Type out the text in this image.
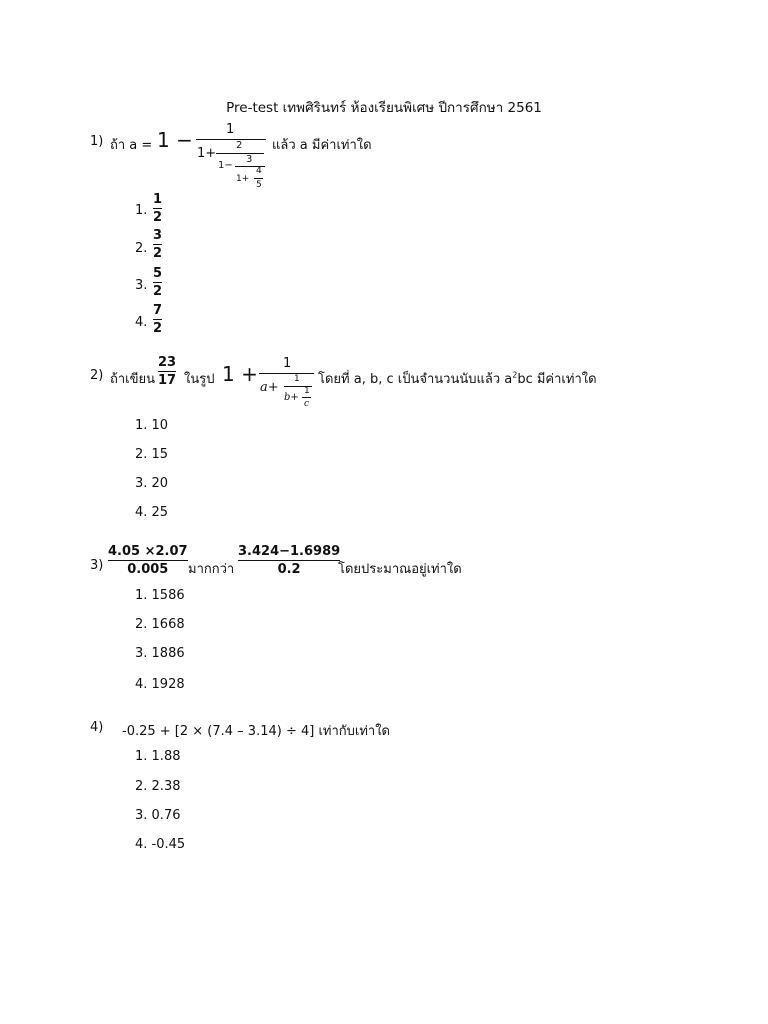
Pre-test เทพศิรินทร์ ห้องเรียนพิเศษ ปีการศึกษา 2561
1) ถ้า a = 1 −	1
1+
2
1−
3
1+
4
5
แล้ว a มีค่าเท่าใด
1.
1
2
2.
3
2
3.
5
2
4.
7
2
2) ถ้าเขียน
23
17 ในรูป 1 + 1
a+
1
b+
1
c
โดยที่ a, b, c เป็นจำนวนนับแล้ว $a^2bc$ มีค่าเท่าใด
1. 10
2. 15
3. 20
4. 25
3)
4.05 ×2.07
0.005 มากกว่า
3.424−1.6989
0.2	โดยประมาณอยู่เท่าใด
1. 1586
2. 1668
3. 1886
4. 1928
4) -0.25 + [2 × (7.4 – 3.14) ÷ 4] เท่ากับเท่าใด
1. 1.88
2. 2.38
3. 0.76
4. -0.45
